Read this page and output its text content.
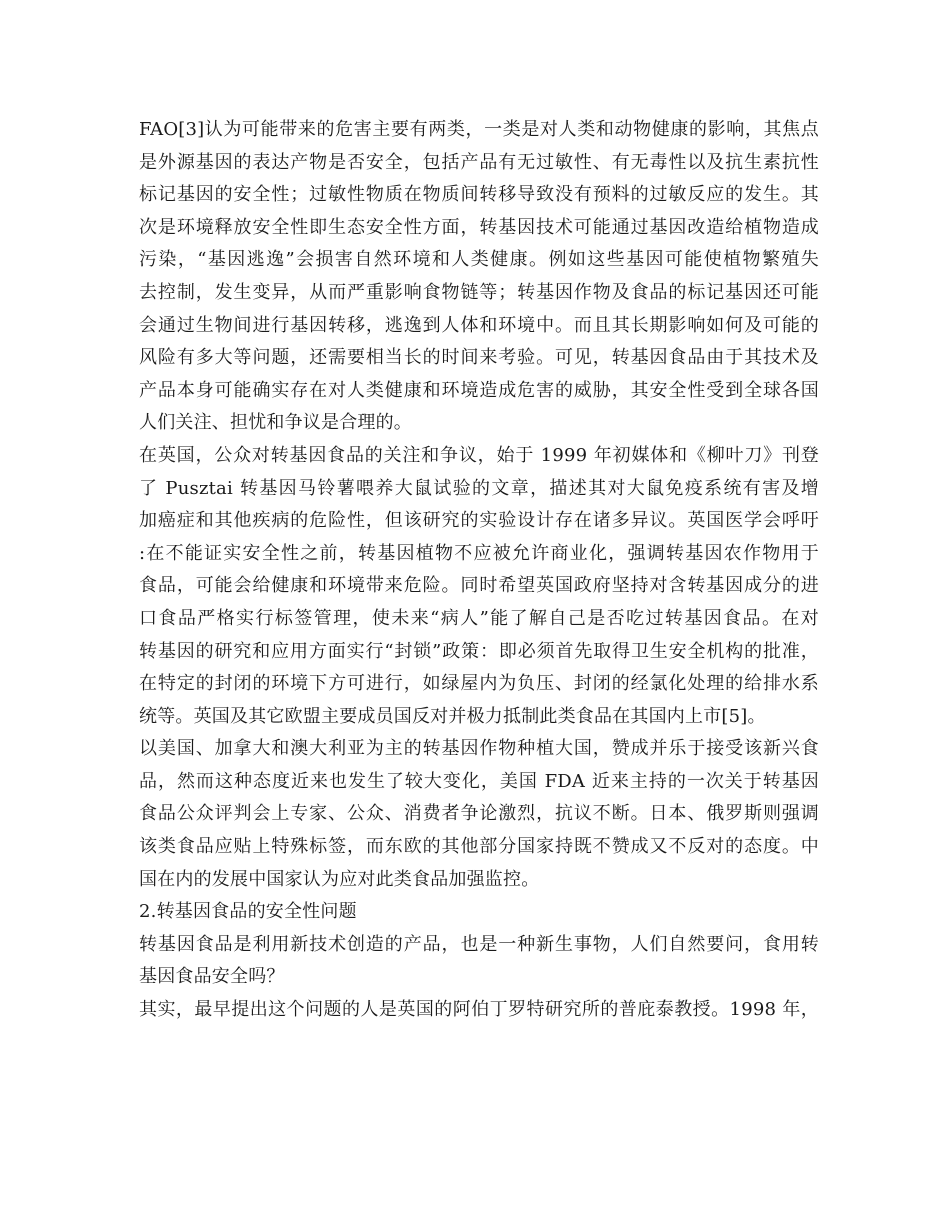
FAO[3]认为可能带来的危害主要有两类，一类是对人类和动物健康的影响，其焦点
是外源基因的表达产物是否安全，包括产品有无过敏性、有无毒性以及抗生素抗性
标记基因的安全性；过敏性物质在物质间转移导致没有预料的过敏反应的发生。其
次是环境释放安全性即生态安全性方面，转基因技术可能通过基因改造给植物造成
污染，“基因逃逸”会损害自然环境和人类健康。例如这些基因可能使植物繁殖失
去控制，发生变异，从而严重影响食物链等；转基因作物及食品的标记基因还可能
会通过生物间进行基因转移，逃逸到人体和环境中。而且其长期影响如何及可能的
风险有多大等问题，还需要相当长的时间来考验。可见，转基因食品由于其技术及
产品本身可能确实存在对人类健康和环境造成危害的威胁，其安全性受到全球各国
人们关注、担忧和争议是合理的。
在英国，公众对转基因食品的关注和争议，始于 1999 年初媒体和《柳叶刀》刊登
了 Pusztai 转基因马铃薯喂养大鼠试验的文章，描述其对大鼠免疫系统有害及增
加癌症和其他疾病的危险性，但该研究的实验设计存在诸多异议。英国医学会呼吁
:在不能证实安全性之前，转基因植物不应被允许商业化，强调转基因农作物用于
食品，可能会给健康和环境带来危险。同时希望英国政府坚持对含转基因成分的进
口食品严格实行标签管理，使未来“病人”能了解自己是否吃过转基因食品。在对
转基因的研究和应用方面实行“封锁”政策：即必须首先取得卫生安全机构的批准，
在特定的封闭的环境下方可进行，如绿屋内为负压、封闭的经氯化处理的给排水系
统等。英国及其它欧盟主要成员国反对并极力抵制此类食品在其国内上市[5]。
以美国、加拿大和澳大利亚为主的转基因作物种植大国，赞成并乐于接受该新兴食
品，然而这种态度近来也发生了较大变化，美国 FDA 近来主持的一次关于转基因
食品公众评判会上专家、公众、消费者争论激烈，抗议不断。日本、俄罗斯则强调
该类食品应贴上特殊标签，而东欧的其他部分国家持既不赞成又不反对的态度。中
国在内的发展中国家认为应对此类食品加强监控。
2.转基因食品的安全性问题
转基因食品是利用新技术创造的产品，也是一种新生事物，人们自然要问，食用转
基因食品安全吗？
其实，最早提出这个问题的人是英国的阿伯丁罗特研究所的普庇泰教授。1998 年，
